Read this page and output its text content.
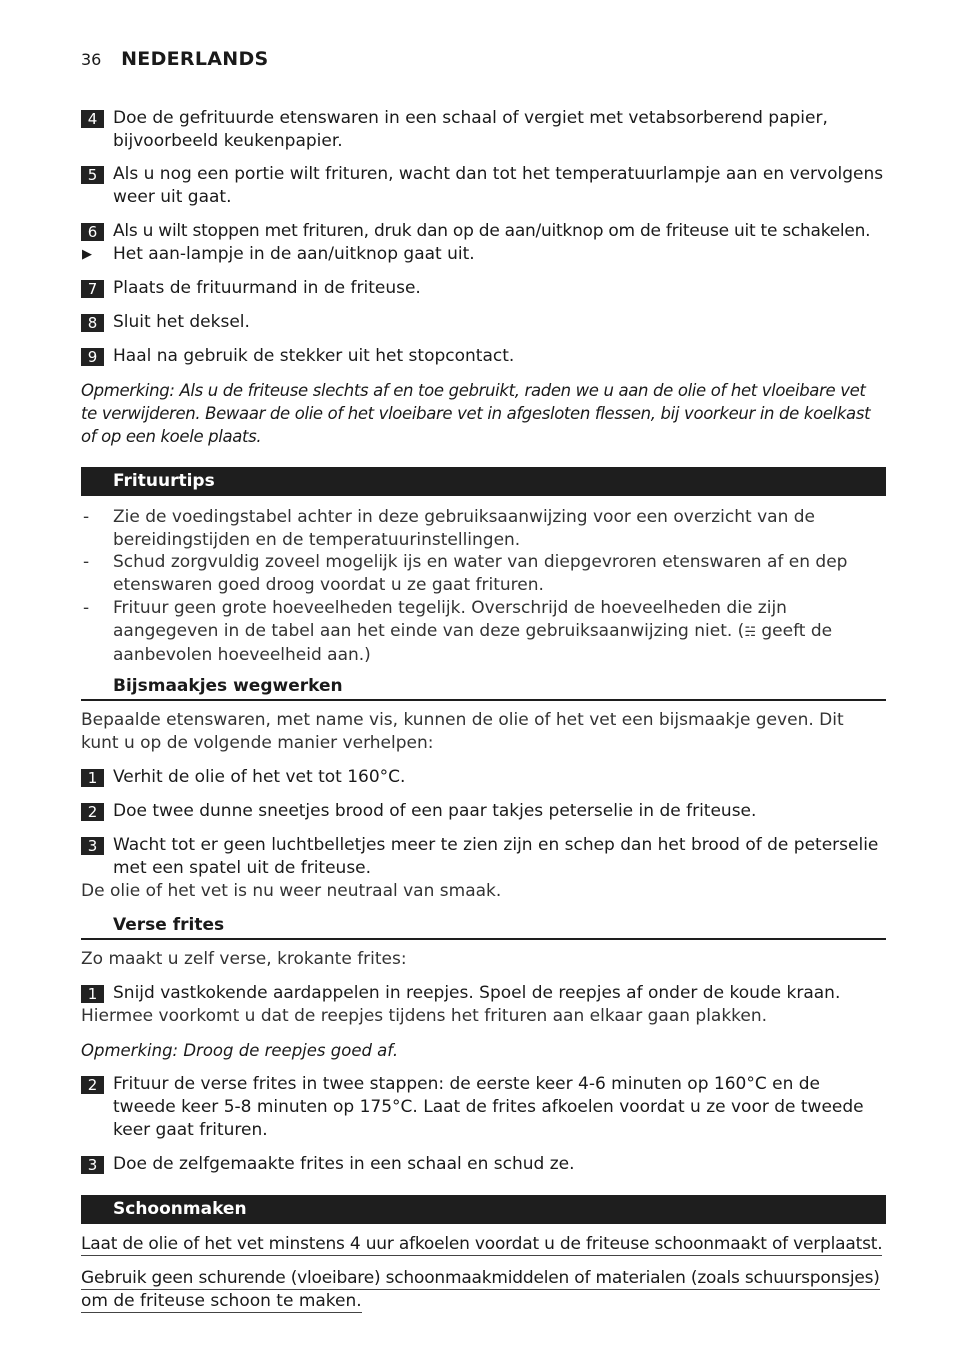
36 NEDERLANDS
4 Doe de gefrituurde etenswaren in een schaal of vergiet met vetabsorberend papier, bijvoorbeeld keukenpapier.
5 Als u nog een portie wilt frituren, wacht dan tot het temperatuurlampje aan en vervolgens weer uit gaat.
6 Als u wilt stoppen met frituren, druk dan op de aan/uitknop om de friteuse uit te schakelen.
▶ Het aan-lampje in de aan/uitknop gaat uit.
7 Plaats de frituurmand in de friteuse.
8 Sluit het deksel.
9 Haal na gebruik de stekker uit het stopcontact.
Opmerking: Als u de friteuse slechts af en toe gebruikt, raden we u aan de olie of het vloeibare vet te verwijderen. Bewaar de olie of het vloeibare vet in afgesloten flessen, bij voorkeur in de koelkast of op een koele plaats.
Frituurtips
- Zie de voedingstabel achter in deze gebruiksaanwijzing voor een overzicht van de bereidingstijden en de temperatuurinstellingen.
- Schud zorgvuldig zoveel mogelijk ijs en water van diepgevroren etenswaren af en dep etenswaren goed droog voordat u ze gaat frituren.
- Frituur geen grote hoeveelheden tegelijk. Overschrijd de hoeveelheden die zijn aangegeven in de tabel aan het einde van deze gebruiksaanwijzing niet. (☵ geeft de aanbevolen hoeveelheid aan.)
Bijsmaakjes wegwerken
Bepaalde etenswaren, met name vis, kunnen de olie of het vet een bijsmaakje geven. Dit kunt u op de volgende manier verhelpen:
1 Verhit de olie of het vet tot 160°C.
2 Doe twee dunne sneetjes brood of een paar takjes peterselie in de friteuse.
3 Wacht tot er geen luchtbelletjes meer te zien zijn en schep dan het brood of de peterselie met een spatel uit de friteuse.
De olie of het vet is nu weer neutraal van smaak.
Verse frites
Zo maakt u zelf verse, krokante frites:
1 Snijd vastkokende aardappelen in reepjes. Spoel de reepjes af onder de koude kraan.
Hiermee voorkomt u dat de reepjes tijdens het frituren aan elkaar gaan plakken.
Opmerking: Droog de reepjes goed af.
2 Frituur de verse frites in twee stappen: de eerste keer 4-6 minuten op 160°C en de tweede keer 5-8 minuten op 175°C. Laat de frites afkoelen voordat u ze voor de tweede keer gaat frituren.
3 Doe de zelfgemaakte frites in een schaal en schud ze.
Schoonmaken
Laat de olie of het vet minstens 4 uur afkoelen voordat u de friteuse schoonmaakt of verplaatst.
Gebruik geen schurende (vloeibare) schoonmaakmiddelen of materialen (zoals schuursponsjes)
om de friteuse schoon te maken.
